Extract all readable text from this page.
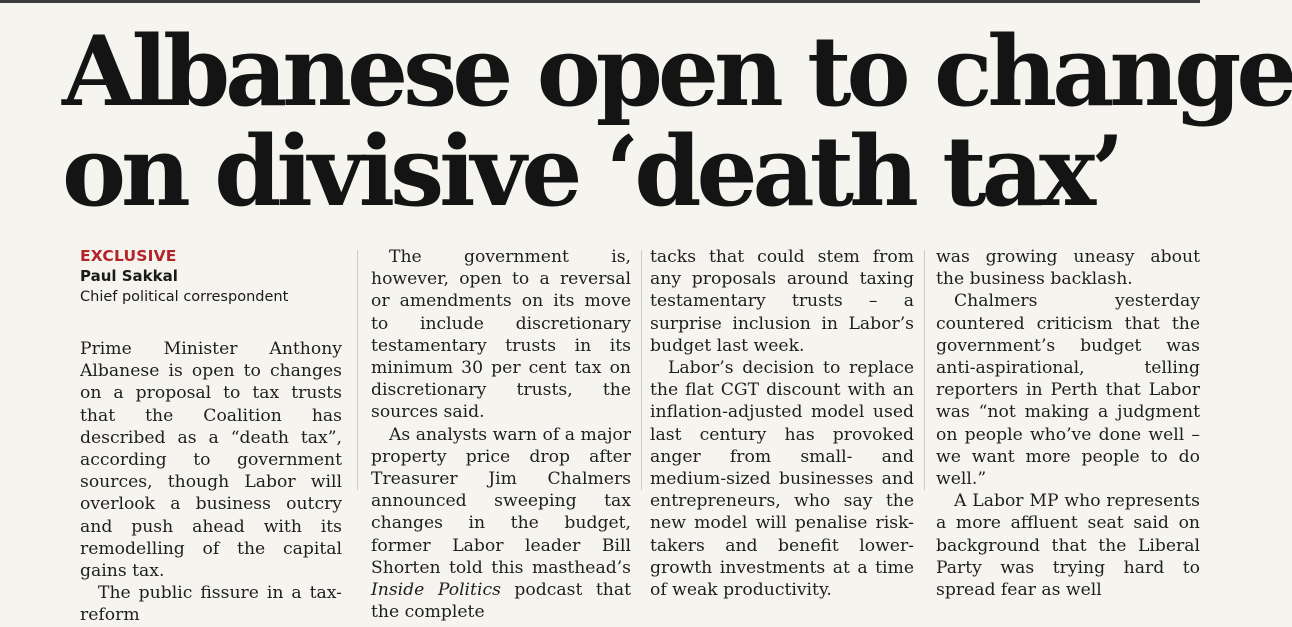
Albanese open to change
on divisive ‘death tax’
EXCLUSIVE
Paul Sakkal
Chief political correspondent

Prime Minister Anthony Albanese is open to changes on a proposal to tax trusts that the Coalition has described as a “death tax”, according to government sources, though Labor will overlook a business outcry and push ahead with its remodelling of the capital gains tax.

The public fissure in a tax-reform

The government is, however, open to a reversal or amendments on its move to include discretionary testamentary trusts in its minimum 30 per cent tax on discretionary trusts, the sources said.

As analysts warn of a major property price drop after Treasurer Jim Chalmers announced sweeping tax changes in the budget, former Labor leader Bill Shorten told this masthead’s Inside Politics podcast that the complete

tacks that could stem from any proposals around taxing testamentary trusts – a surprise inclusion in Labor’s budget last week.

Labor’s decision to replace the flat CGT discount with an inflation-adjusted model used last century has provoked anger from small- and medium-sized businesses and entrepreneurs, who say the new model will penalise risk-takers and benefit lower-growth investments at a time of weak productivity.

was growing uneasy about the business backlash.

Chalmers yesterday countered criticism that the government’s budget was anti-aspirational, telling reporters in Perth that Labor was “not making a judgment on people who’ve done well – we want more people to do well.”

A Labor MP who represents a more affluent seat said on background that the Liberal Party was trying hard to spread fear as well
